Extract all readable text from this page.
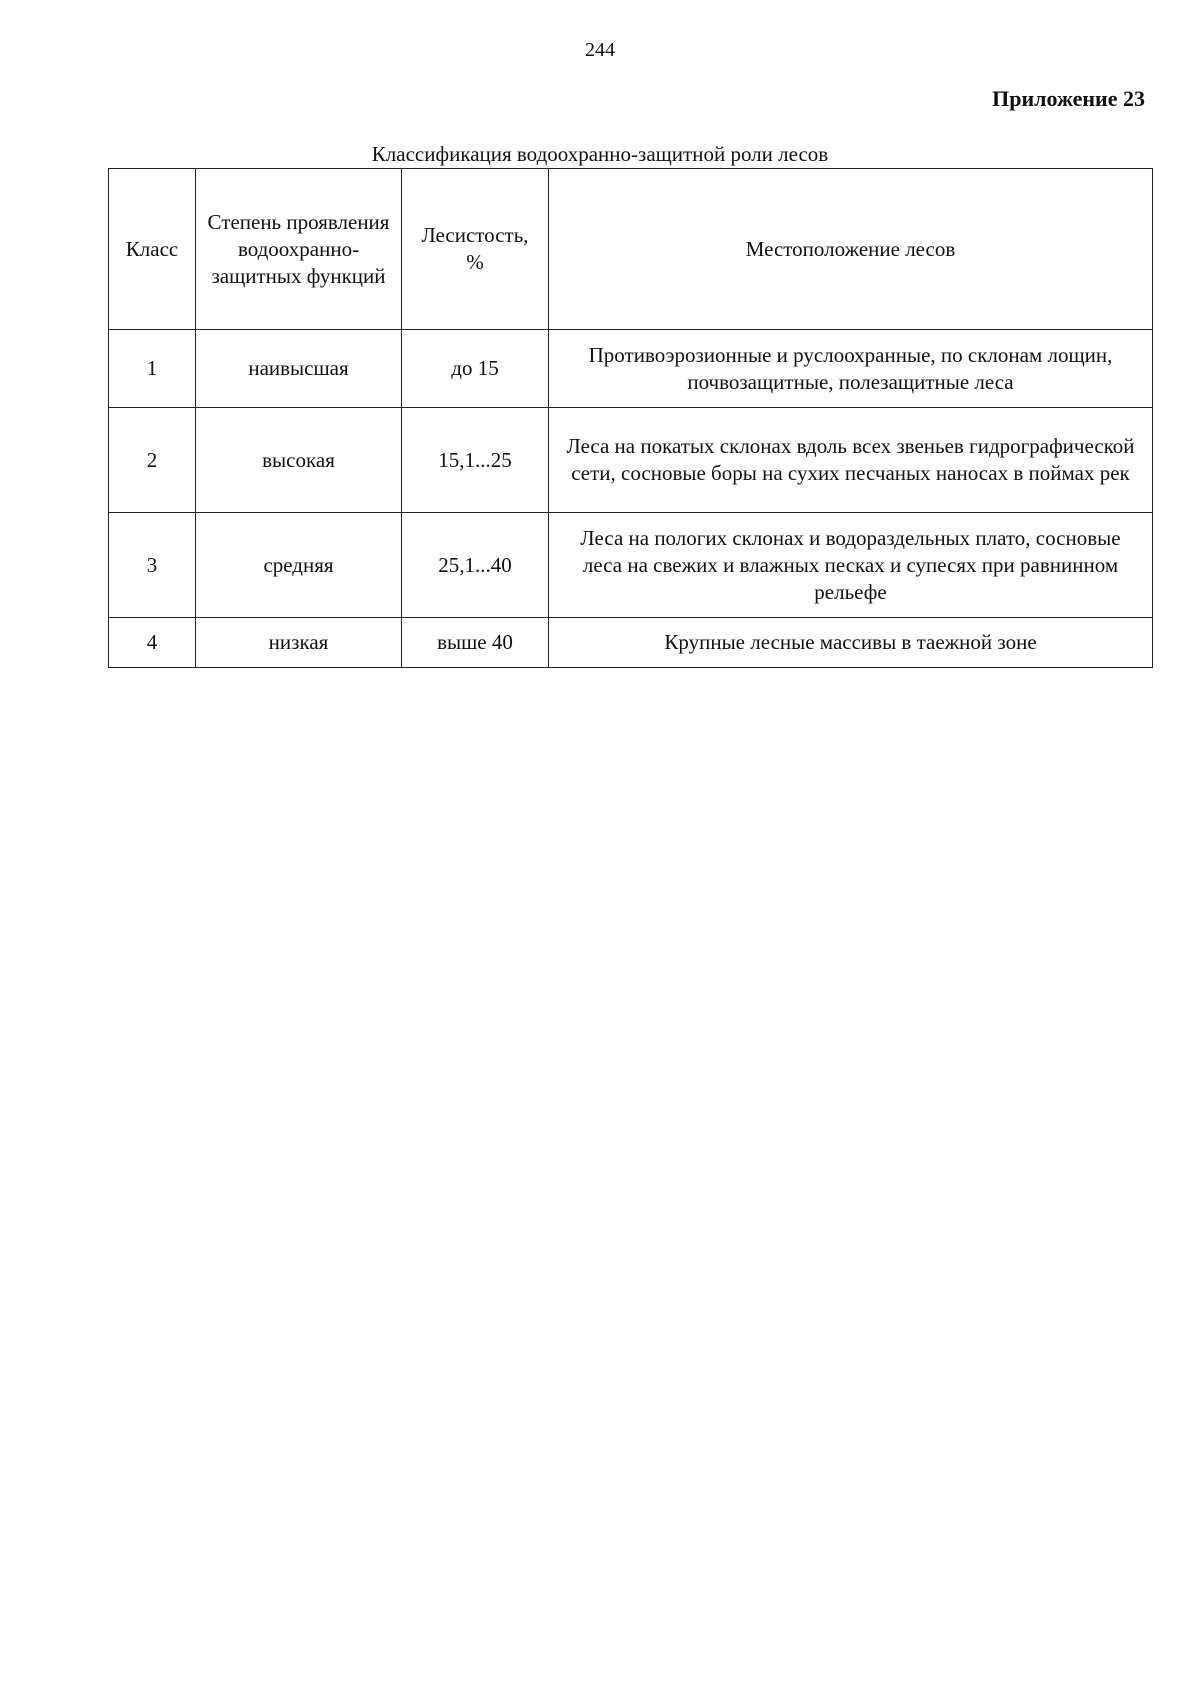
244
Приложение 23
Классификация водоохранно-защитной роли лесов
Класс	Степень проявления водоохранно-защитных функций	Лесистость, %	Местоположение лесов
1	наивысшая	до 15	Противоэрозионные и руслоохранные, по склонам лощин, почвозащитные, полезащитные леса
2	высокая	15,1...25	Леса на покатых склонах вдоль всех звеньев гидрографической сети, сосновые боры на сухих песчаных наносах в поймах рек
3	средняя	25,1...40	Леса на пологих склонах и водораздельных плато, сосновые леса на свежих и влажных песках и супесях при равнинном рельефе
4	низкая	выше 40	Крупные лесные массивы в таежной зоне
